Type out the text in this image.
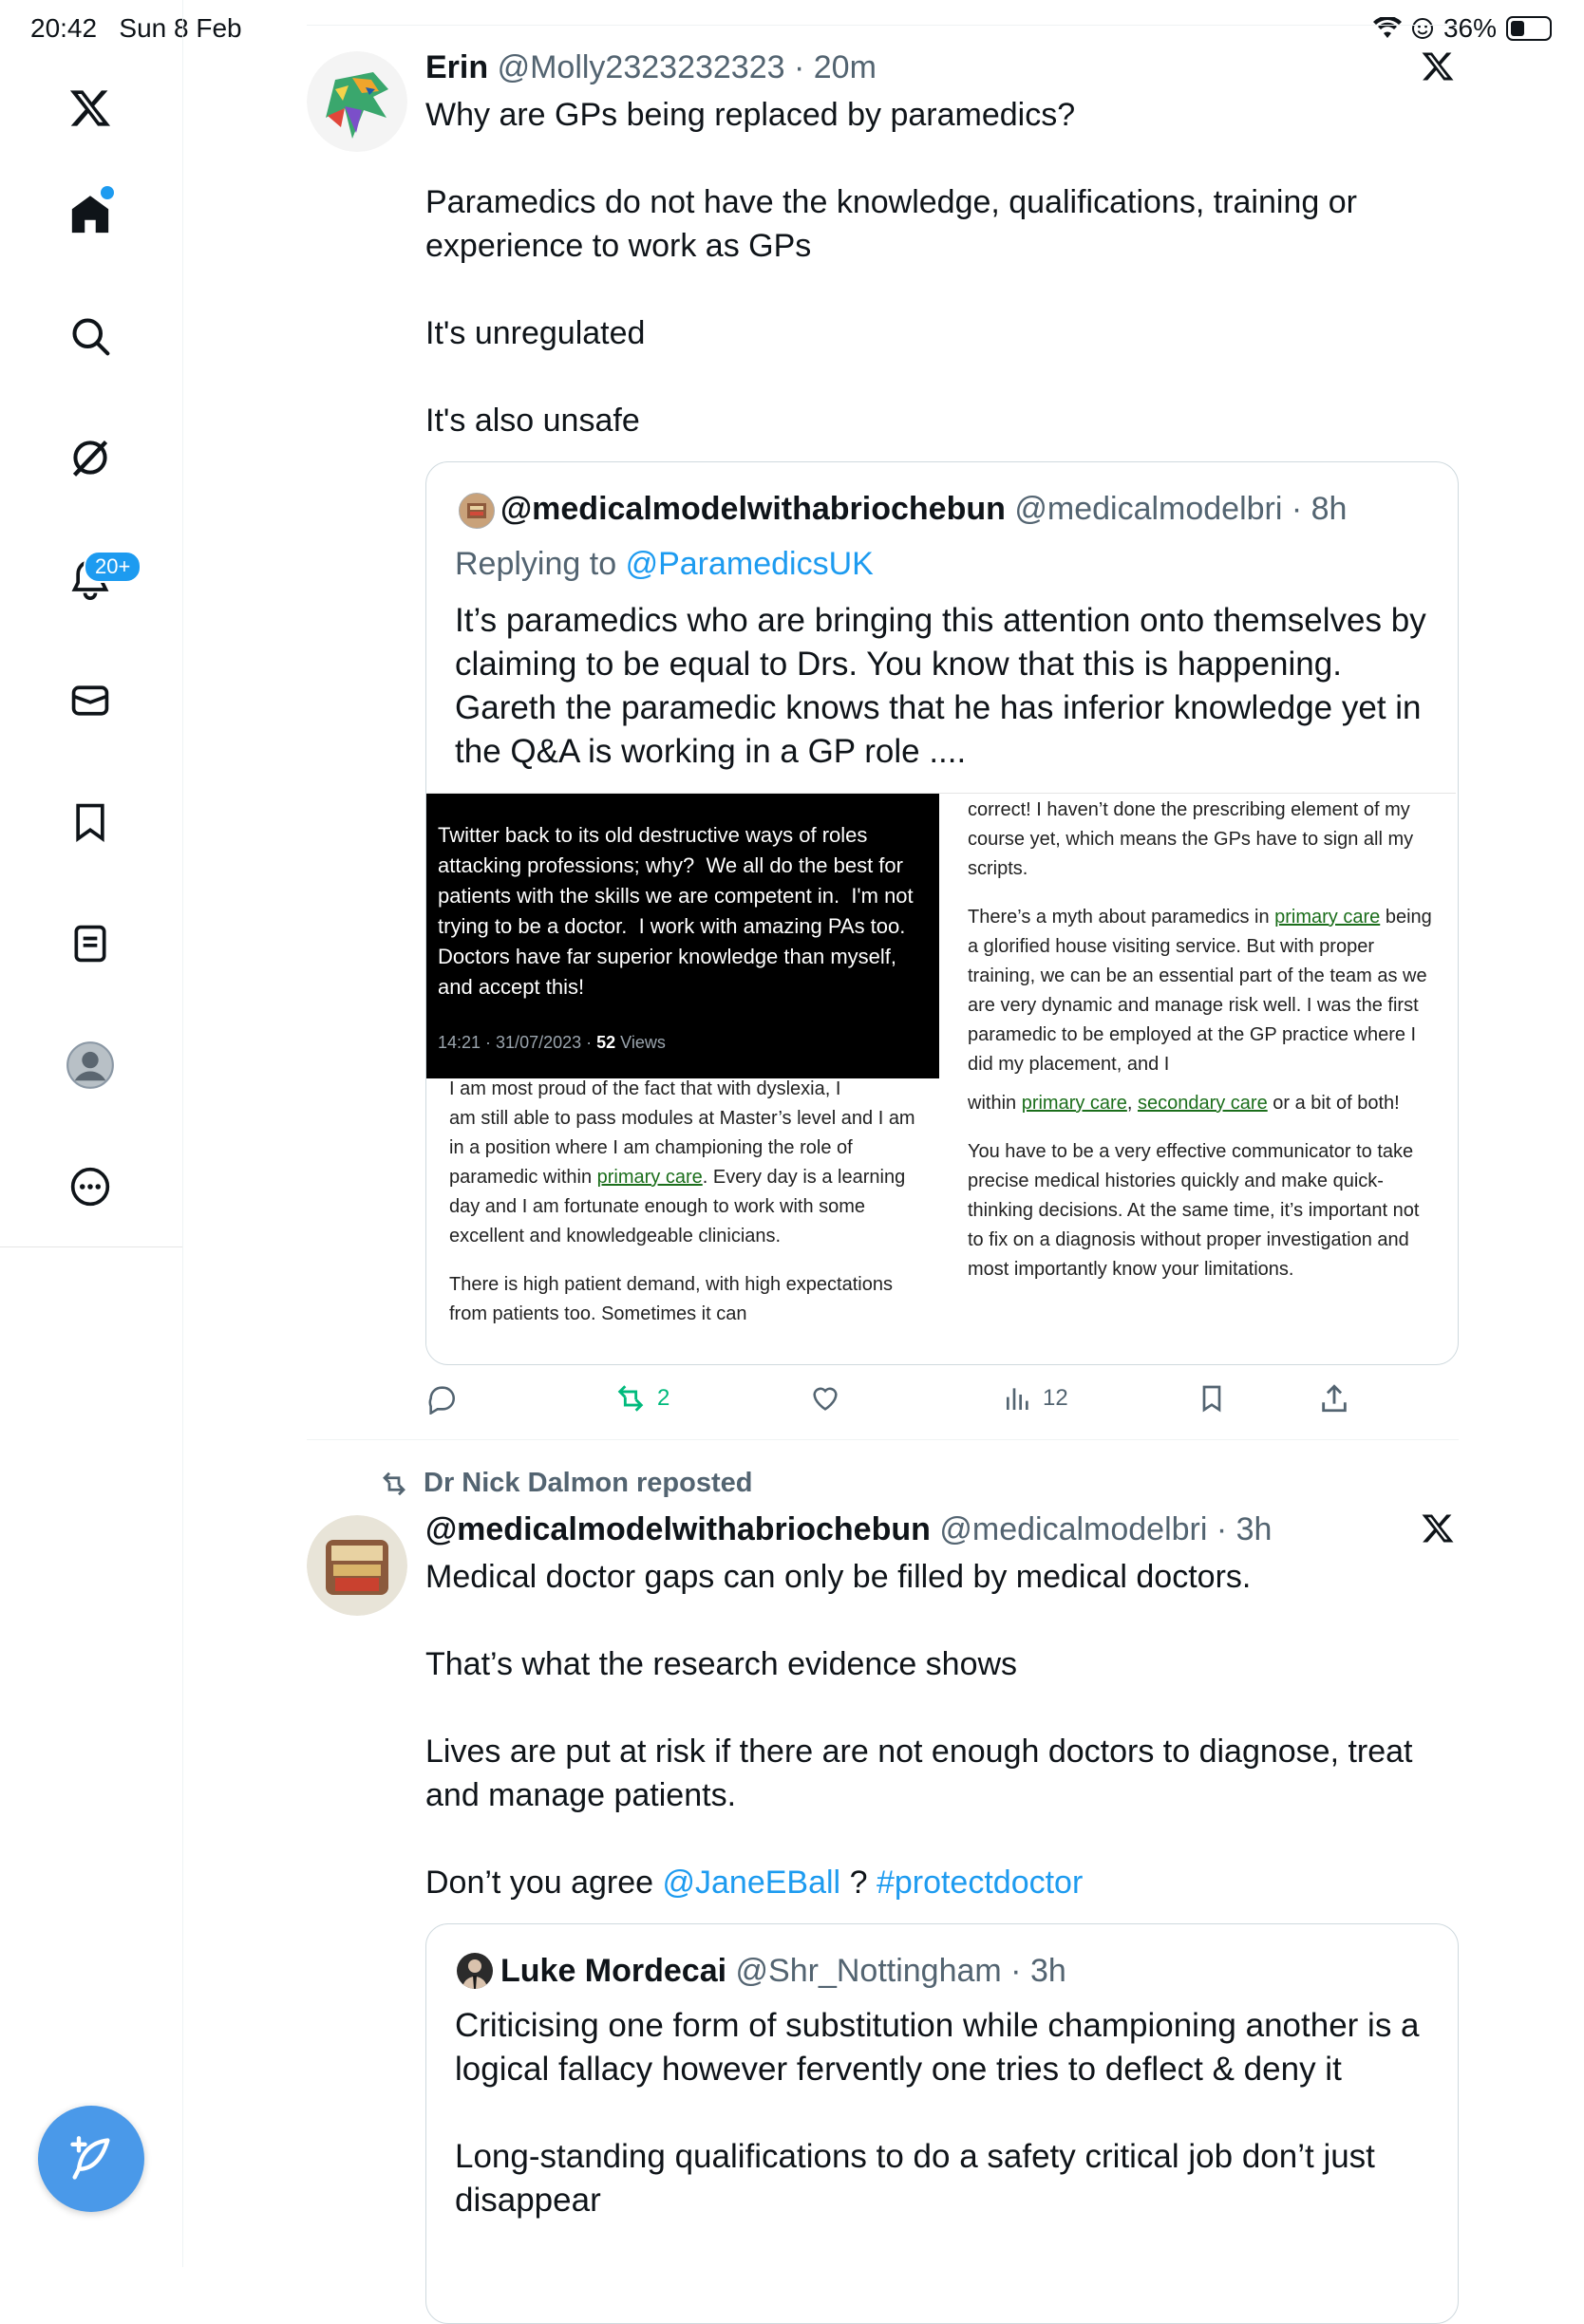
20:42 Sun 8 Feb	36%
20+
Erin @Molly2323232323 · 20m
Why are GPs being replaced by paramedics?

Paramedics do not have the knowledge, qualifications, training or experience to work as GPs

It's unregulated

It's also unsafe
@medicalmodelwithabriochebun @medicalmodelbri · 8h
Replying to @ParamedicsUK
It’s paramedics who are bringing this attention onto themselves by claiming to be equal to Drs. You know that this is happening. Gareth the paramedic knows that he has inferior knowledge yet in the Q&A is working in a GP role ....

I am most proud of the fact that with dyslexia, I
am still able to pass modules at Master’s level and I am in a position where I am championing the role of paramedic within primary care. Every day is a learning day and I am fortunate enough to work with some excellent and knowledgeable clinicians.

There is high patient demand, with high expectations from patients too. Sometimes it can

correct! I haven’t done the prescribing element of my course yet, which means the GPs have to sign all my scripts.

There’s a myth about paramedics in primary care being a glorified house visiting service. But with proper training, we can be an essential part of the team as we are very dynamic and manage risk well. I was the first paramedic to be employed at the GP practice where I did my placement, and I

within primary care, secondary care or a bit of both!

You have to be a very effective communicator to take precise medical histories quickly and make quick-thinking decisions. At the same time, it’s important not to fix on a diagnosis without proper investigation and most importantly know your limitations.

Twitter back to its old destructive ways of roles attacking professions; why?  We all do the best for patients with the skills we are competent in.  I'm not trying to be a doctor.  I work with amazing PAs too.  Doctors have far superior knowledge than myself, and accept this!
14:21 · 31/07/2023 · 52 Views
2	12
Dr Nick Dalmon reposted
@medicalmodelwithabriochebun @medicalmodelbri · 3h
Medical doctor gaps can only be filled by medical doctors.

That’s what the research evidence shows

Lives are put at risk if there are not enough doctors to diagnose, treat and manage patients.

Don’t you agree @JaneEBall ? #protectdoctor
Luke Mordecai @Shr_Nottingham · 3h
Criticising one form of substitution while championing another is a logical fallacy however fervently one tries to deflect & deny it

Long-standing qualifications to do a safety critical job don’t just disappear
